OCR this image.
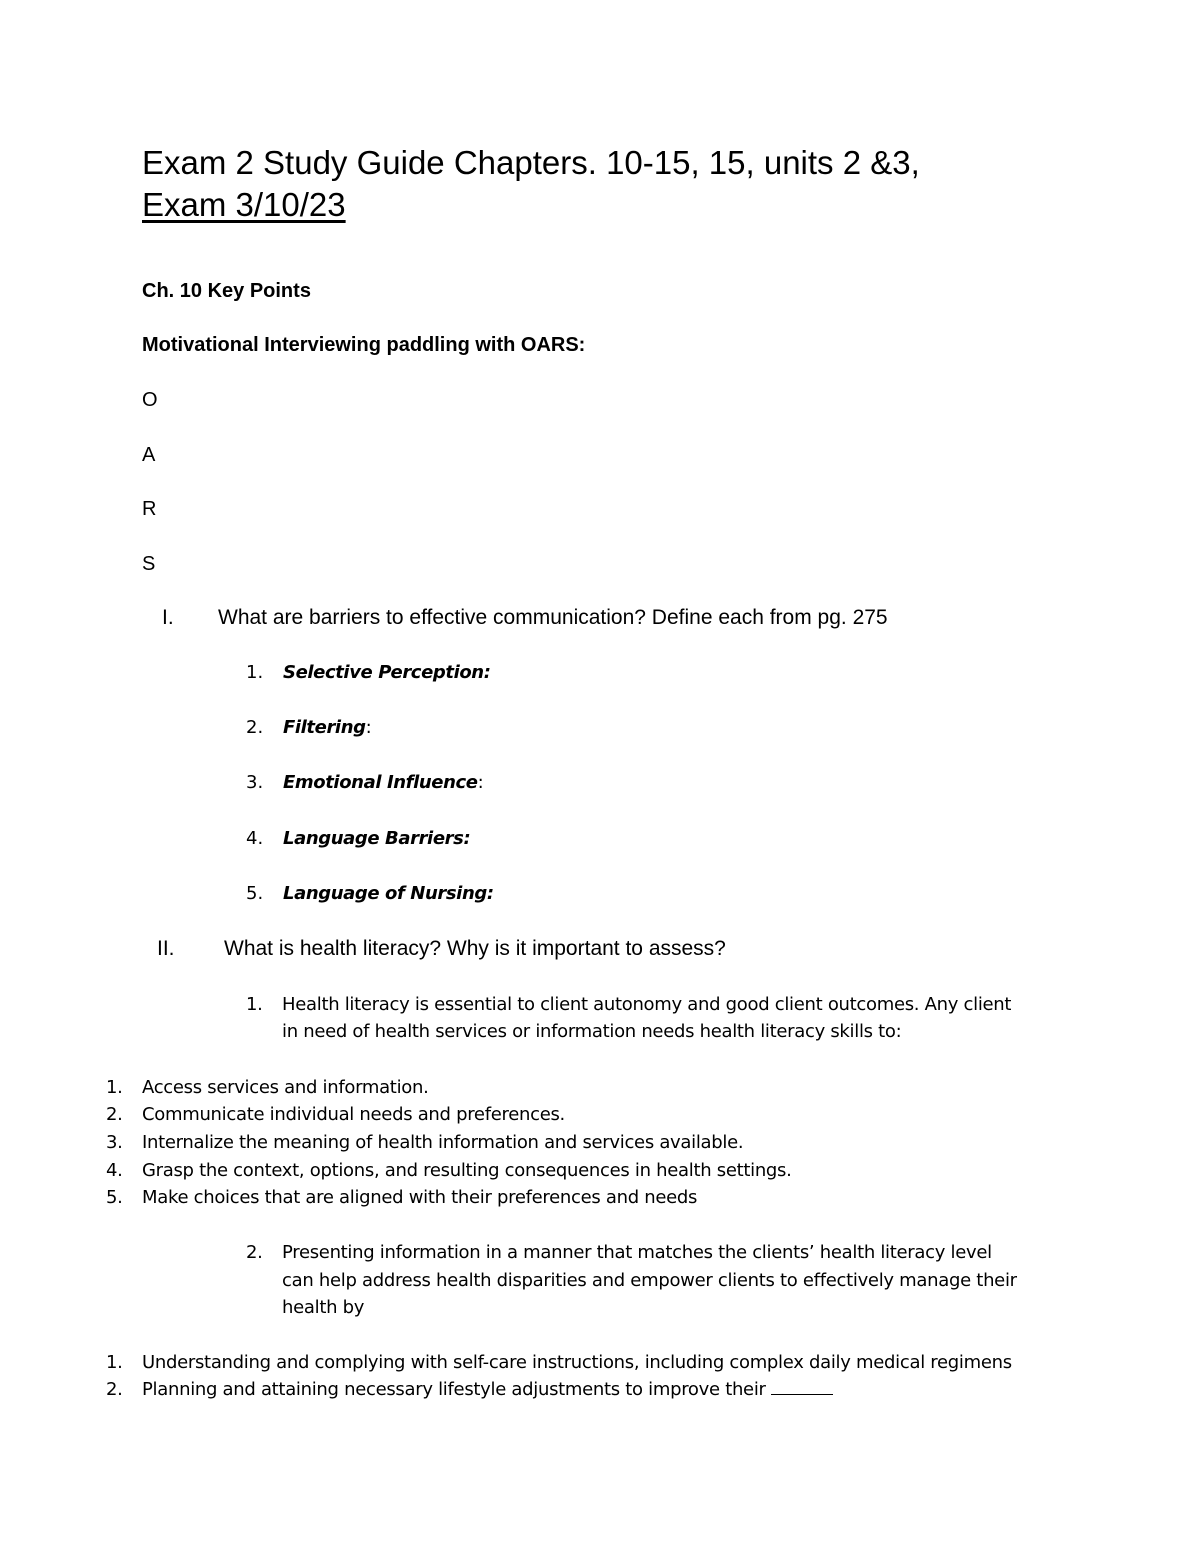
Exam 2 Study Guide Chapters. 10-15, 15, units 2 &3,
Exam 3/10/23
Ch. 10 Key Points
Motivational Interviewing paddling with OARS:
O
A
R
S
I. What are barriers to effective communication? Define each from pg. 275
1. Selective Perception:
2. Filtering:
3. Emotional Influence:
4. Language Barriers:
5. Language of Nursing:
II. What is health literacy? Why is it important to assess?
1. Health literacy is essential to client autonomy and good client outcomes. Any client
in need of health services or information needs health literacy skills to:
1. Access services and information.
2. Communicate individual needs and preferences.
3. Internalize the meaning of health information and services available.
4. Grasp the context, options, and resulting consequences in health settings.
5. Make choices that are aligned with their preferences and needs
2. Presenting information in a manner that matches the clients’ health literacy level
can help address health disparities and empower clients to effectively manage their
health by
1. Understanding and complying with self-care instructions, including complex daily medical regimens
2. Planning and attaining necessary lifestyle adjustments to improve their
